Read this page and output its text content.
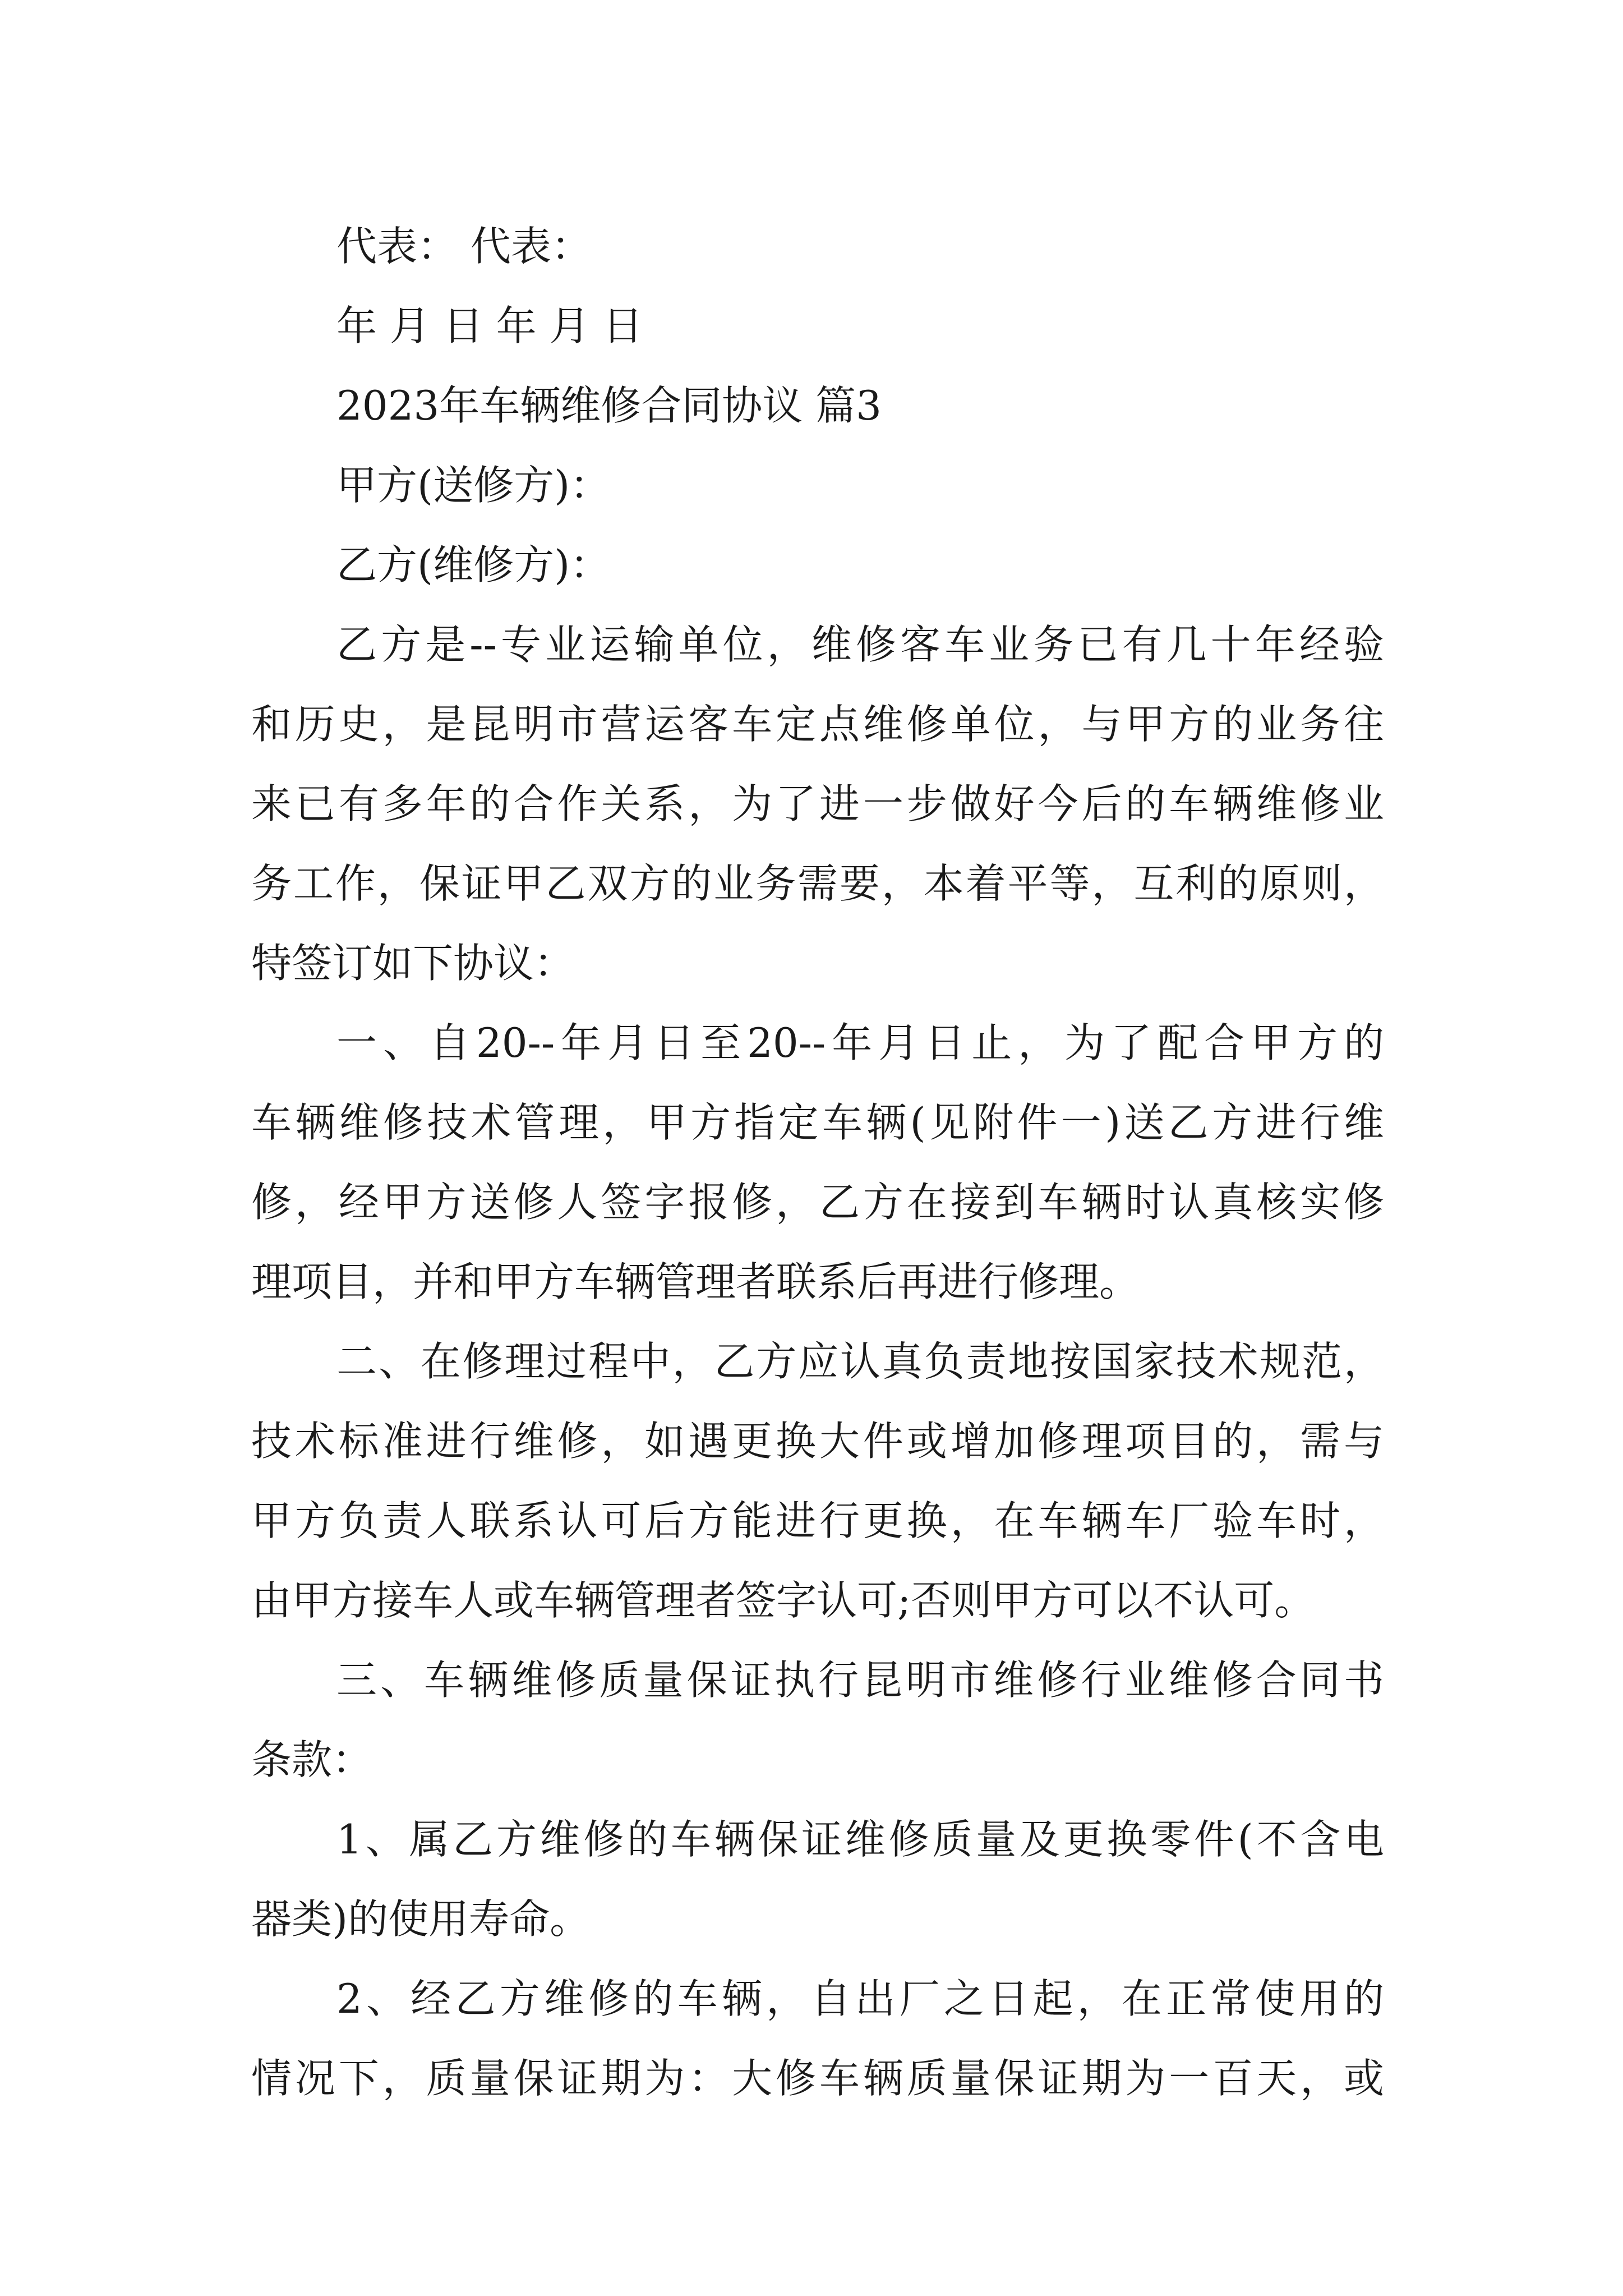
代表： 代表：
年 月 日 年 月 日
2023年车辆维修合同协议 篇3
甲方(送修方)：
乙方(维修方)：
乙方是--专业运输单位，维修客车业务已有几十年经验
和历史，是昆明市营运客车定点维修单位，与甲方的业务往
来已有多年的合作关系，为了进一步做好今后的车辆维修业
务工作，保证甲乙双方的业务需要，本着平等，互利的原则，
特签订如下协议：
一、自20--年月日至20--年月日止，为了配合甲方的
车辆维修技术管理，甲方指定车辆(见附件一)送乙方进行维
修，经甲方送修人签字报修，乙方在接到车辆时认真核实修
理项目，并和甲方车辆管理者联系后再进行修理。
二、在修理过程中，乙方应认真负责地按国家技术规范，
技术标准进行维修，如遇更换大件或增加修理项目的，需与
甲方负责人联系认可后方能进行更换，在车辆车厂验车时，
由甲方接车人或车辆管理者签字认可;否则甲方可以不认可。
三、车辆维修质量保证执行昆明市维修行业维修合同书
条款：
1、属乙方维修的车辆保证维修质量及更换零件(不含电
器类)的使用寿命。
2、经乙方维修的车辆，自出厂之日起，在正常使用的
情况下，质量保证期为：大修车辆质量保证期为一百天，或
